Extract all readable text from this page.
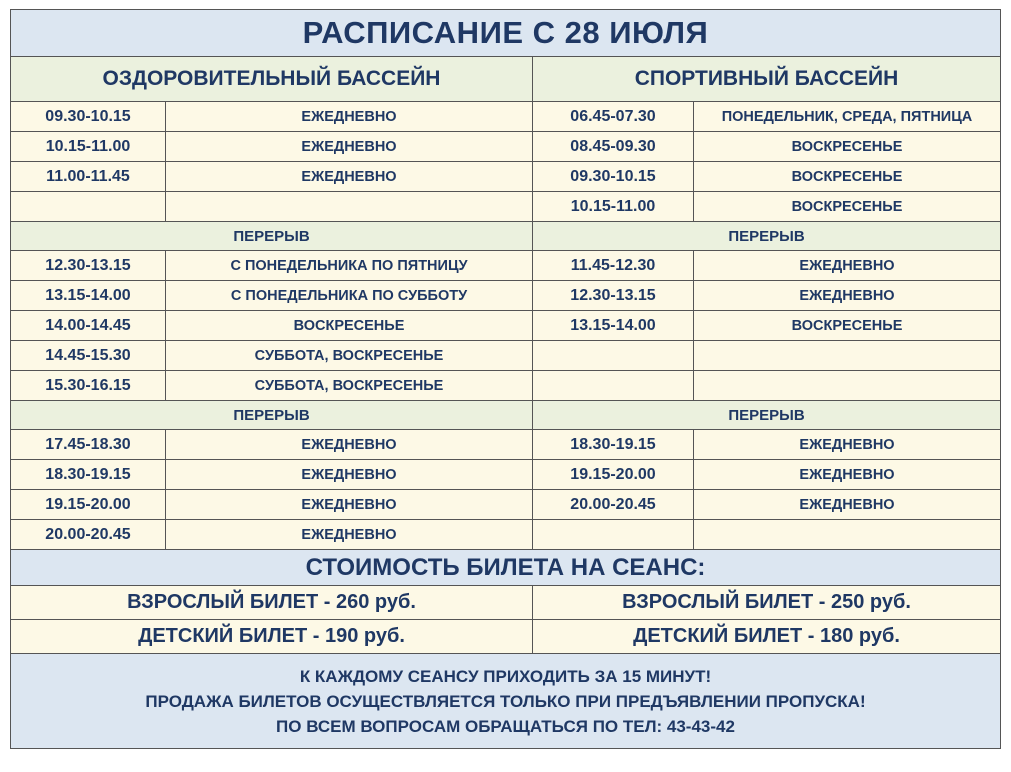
РАСПИСАНИЕ С 28 ИЮЛЯ			
ОЗДОРОВИТЕЛЬНЫЙ БАССЕЙН		СПОРТИВНЫЙ БАССЕЙН	
09.30-10.15	ЕЖЕДНЕВНО	06.45-07.30	ПОНЕДЕЛЬНИК, СРЕДА, ПЯТНИЦА
10.15-11.00	ЕЖЕДНЕВНО	08.45-09.30	ВОСКРЕСЕНЬЕ
11.00-11.45	ЕЖЕДНЕВНО	09.30-10.15	ВОСКРЕСЕНЬЕ
		10.15-11.00	ВОСКРЕСЕНЬЕ
ПЕРЕРЫВ		ПЕРЕРЫВ	
12.30-13.15	С ПОНЕДЕЛЬНИКА ПО ПЯТНИЦУ	11.45-12.30	ЕЖЕДНЕВНО
13.15-14.00	С ПОНЕДЕЛЬНИКА ПО СУББОТУ	12.30-13.15	ЕЖЕДНЕВНО
14.00-14.45	ВОСКРЕСЕНЬЕ	13.15-14.00	ВОСКРЕСЕНЬЕ
14.45-15.30	СУББОТА, ВОСКРЕСЕНЬЕ		
15.30-16.15	СУББОТА, ВОСКРЕСЕНЬЕ		
ПЕРЕРЫВ		ПЕРЕРЫВ	
17.45-18.30	ЕЖЕДНЕВНО	18.30-19.15	ЕЖЕДНЕВНО
18.30-19.15	ЕЖЕДНЕВНО	19.15-20.00	ЕЖЕДНЕВНО
19.15-20.00	ЕЖЕДНЕВНО	20.00-20.45	ЕЖЕДНЕВНО
20.00-20.45	ЕЖЕДНЕВНО		
СТОИМОСТЬ БИЛЕТА НА СЕАНС:			
ВЗРОСЛЫЙ БИЛЕТ - 260 руб.		ВЗРОСЛЫЙ БИЛЕТ - 250 руб.	
ДЕТСКИЙ БИЛЕТ - 190 руб.		ДЕТСКИЙ БИЛЕТ - 180 руб.	

К КАЖДОМУ СЕАНСУ ПРИХОДИТЬ ЗА 15 МИНУТ!
ПРОДАЖА БИЛЕТОВ ОСУЩЕСТВЛЯЕТСЯ ТОЛЬКО ПРИ ПРЕДЪЯВЛЕНИИ ПРОПУСКА!
ПО ВСЕМ ВОПРОСАМ ОБРАЩАТЬСЯ ПО ТЕЛ: 43-43-42			
